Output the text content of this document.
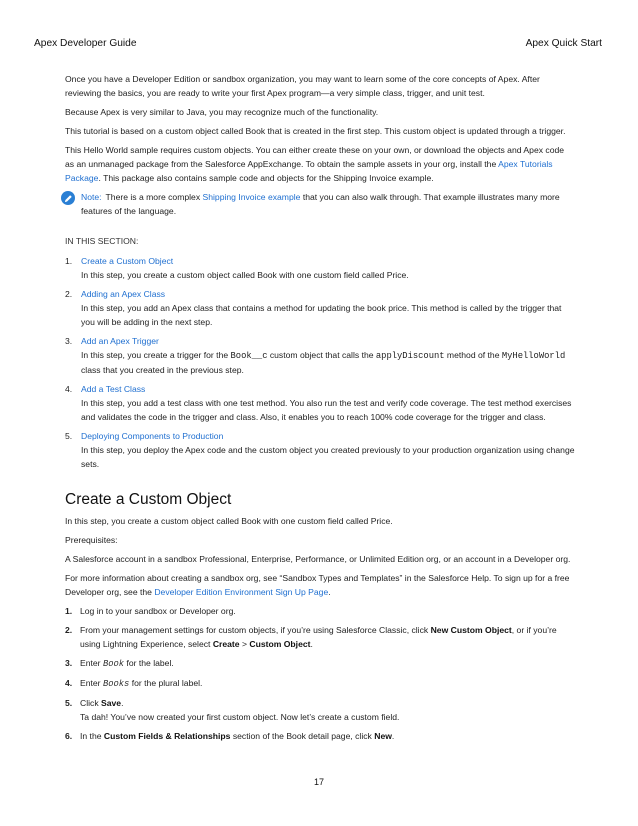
Apex Developer Guide	Apex Quick Start

Once you have a Developer Edition or sandbox organization, you may want to learn some of the core concepts of Apex. After reviewing the basics, you are ready to write your first Apex program—a very simple class, trigger, and unit test.

Because Apex is very similar to Java, you may recognize much of the functionality.

This tutorial is based on a custom object called Book that is created in the first step. This custom object is updated through a trigger.

This Hello World sample requires custom objects. You can either create these on your own, or download the objects and Apex code as an unmanaged package from the Salesforce AppExchange. To obtain the sample assets in your org, install the Apex Tutorials Package. This package also contains sample code and objects for the Shipping Invoice example.

Note: There is a more complex Shipping Invoice example that you can also walk through. That example illustrates many more features of the language.
IN THIS SECTION:
1.	Create a Custom Object
In this step, you create a custom object called Book with one custom field called Price.
2.	Adding an Apex Class
In this step, you add an Apex class that contains a method for updating the book price. This method is called by the trigger that you will be adding in the next step.
3.	Add an Apex Trigger
In this step, you create a trigger for the Book__c custom object that calls the applyDiscount method of the MyHelloWorld class that you created in the previous step.
4.	Add a Test Class
In this step, you add a test class with one test method. You also run the test and verify code coverage. The test method exercises and validates the code in the trigger and class. Also, it enables you to reach 100% code coverage for the trigger and class.
5.	Deploying Components to Production
In this step, you deploy the Apex code and the custom object you created previously to your production organization using change sets.
Create a Custom Object

In this step, you create a custom object called Book with one custom field called Price.

Prerequisites:

A Salesforce account in a sandbox Professional, Enterprise, Performance, or Unlimited Edition org, or an account in a Developer org.

For more information about creating a sandbox org, see “Sandbox Types and Templates” in the Salesforce Help. To sign up for a free Developer org, see the Developer Edition Environment Sign Up Page.

1. Log in to your sandbox or Developer org.
2. From your management settings for custom objects, if you’re using Salesforce Classic, click New Custom Object, or if you’re using Lightning Experience, select Create > Custom Object.
3. Enter Book for the label.
4. Enter Books for the plural label.
5. Click Save.
Ta dah! You’ve now created your first custom object. Now let’s create a custom field.
6. In the Custom Fields & Relationships section of the Book detail page, click New.
17
